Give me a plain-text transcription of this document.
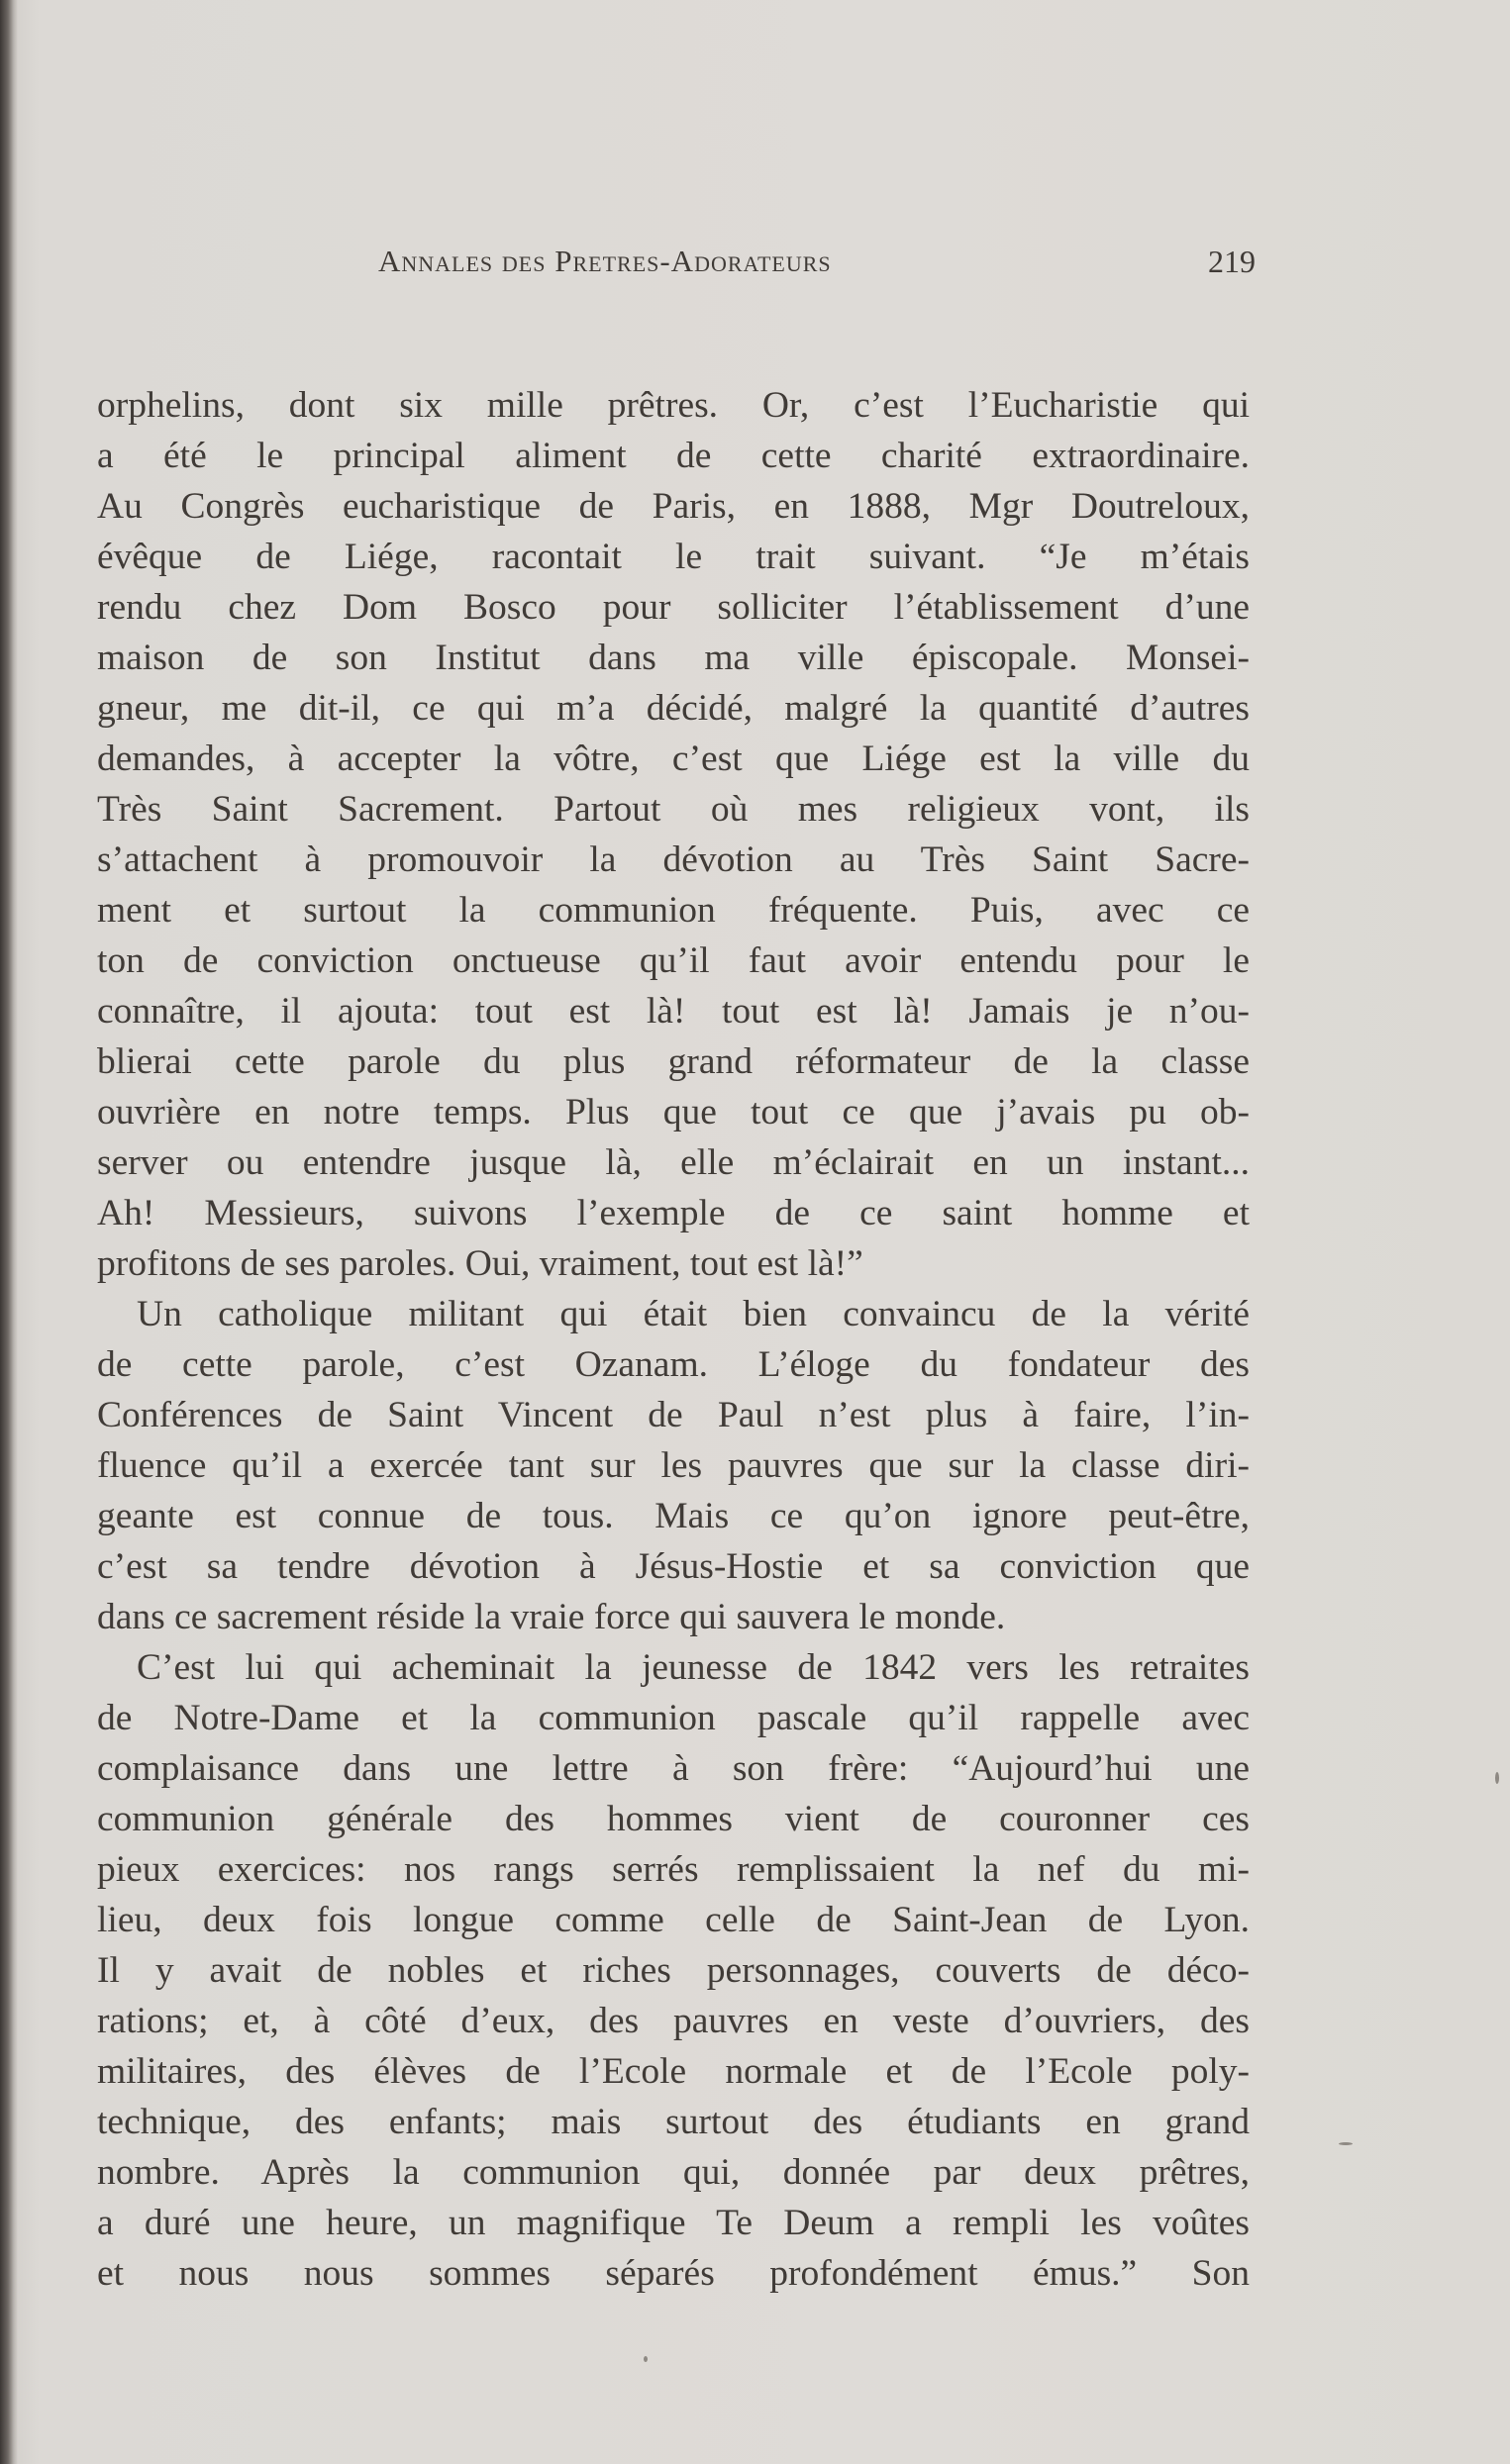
Annales des Pretres-Adorateurs	219
orphelins, dont six mille prêtres. Or, c’est l’Eucharistie qui
a été le principal aliment de cette charité extraordinaire.
Au Congrès eucharistique de Paris, en 1888, Mgr Doutreloux,
évêque de Liége, racontait le trait suivant. “Je m’étais
rendu chez Dom Bosco pour solliciter l’établissement d’une
maison de son Institut dans ma ville épiscopale. Monsei-
gneur, me dit-il, ce qui m’a décidé, malgré la quantité d’autres
demandes, à accepter la vôtre, c’est que Liége est la ville du
Très Saint Sacrement. Partout où mes religieux vont, ils
s’attachent à promouvoir la dévotion au Très Saint Sacre-
ment et surtout la communion fréquente. Puis, avec ce
ton de conviction onctueuse qu’il faut avoir entendu pour le
connaître, il ajouta: tout est là! tout est là! Jamais je n’ou-
blierai cette parole du plus grand réformateur de la classe
ouvrière en notre temps. Plus que tout ce que j’avais pu ob-
server ou entendre jusque là, elle m’éclairait en un instant...
Ah! Messieurs, suivons l’exemple de ce saint homme et
profitons de ses paroles. Oui, vraiment, tout est là!”
Un catholique militant qui était bien convaincu de la vérité
de cette parole, c’est Ozanam. L’éloge du fondateur des
Conférences de Saint Vincent de Paul n’est plus à faire, l’in-
fluence qu’il a exercée tant sur les pauvres que sur la classe diri-
geante est connue de tous. Mais ce qu’on ignore peut-être,
c’est sa tendre dévotion à Jésus-Hostie et sa conviction que
dans ce sacrement réside la vraie force qui sauvera le monde.
C’est lui qui acheminait la jeunesse de 1842 vers les retraites
de Notre-Dame et la communion pascale qu’il rappelle avec
complaisance dans une lettre à son frère: “Aujourd’hui une
communion générale des hommes vient de couronner ces
pieux exercices: nos rangs serrés remplissaient la nef du mi-
lieu, deux fois longue comme celle de Saint-Jean de Lyon.
Il y avait de nobles et riches personnages, couverts de déco-
rations; et, à côté d’eux, des pauvres en veste d’ouvriers, des
militaires, des élèves de l’Ecole normale et de l’Ecole poly-
technique, des enfants; mais surtout des étudiants en grand
nombre. Après la communion qui, donnée par deux prêtres,
a duré une heure, un magnifique Te Deum a rempli les voûtes
et nous nous sommes séparés profondément émus.” Son
